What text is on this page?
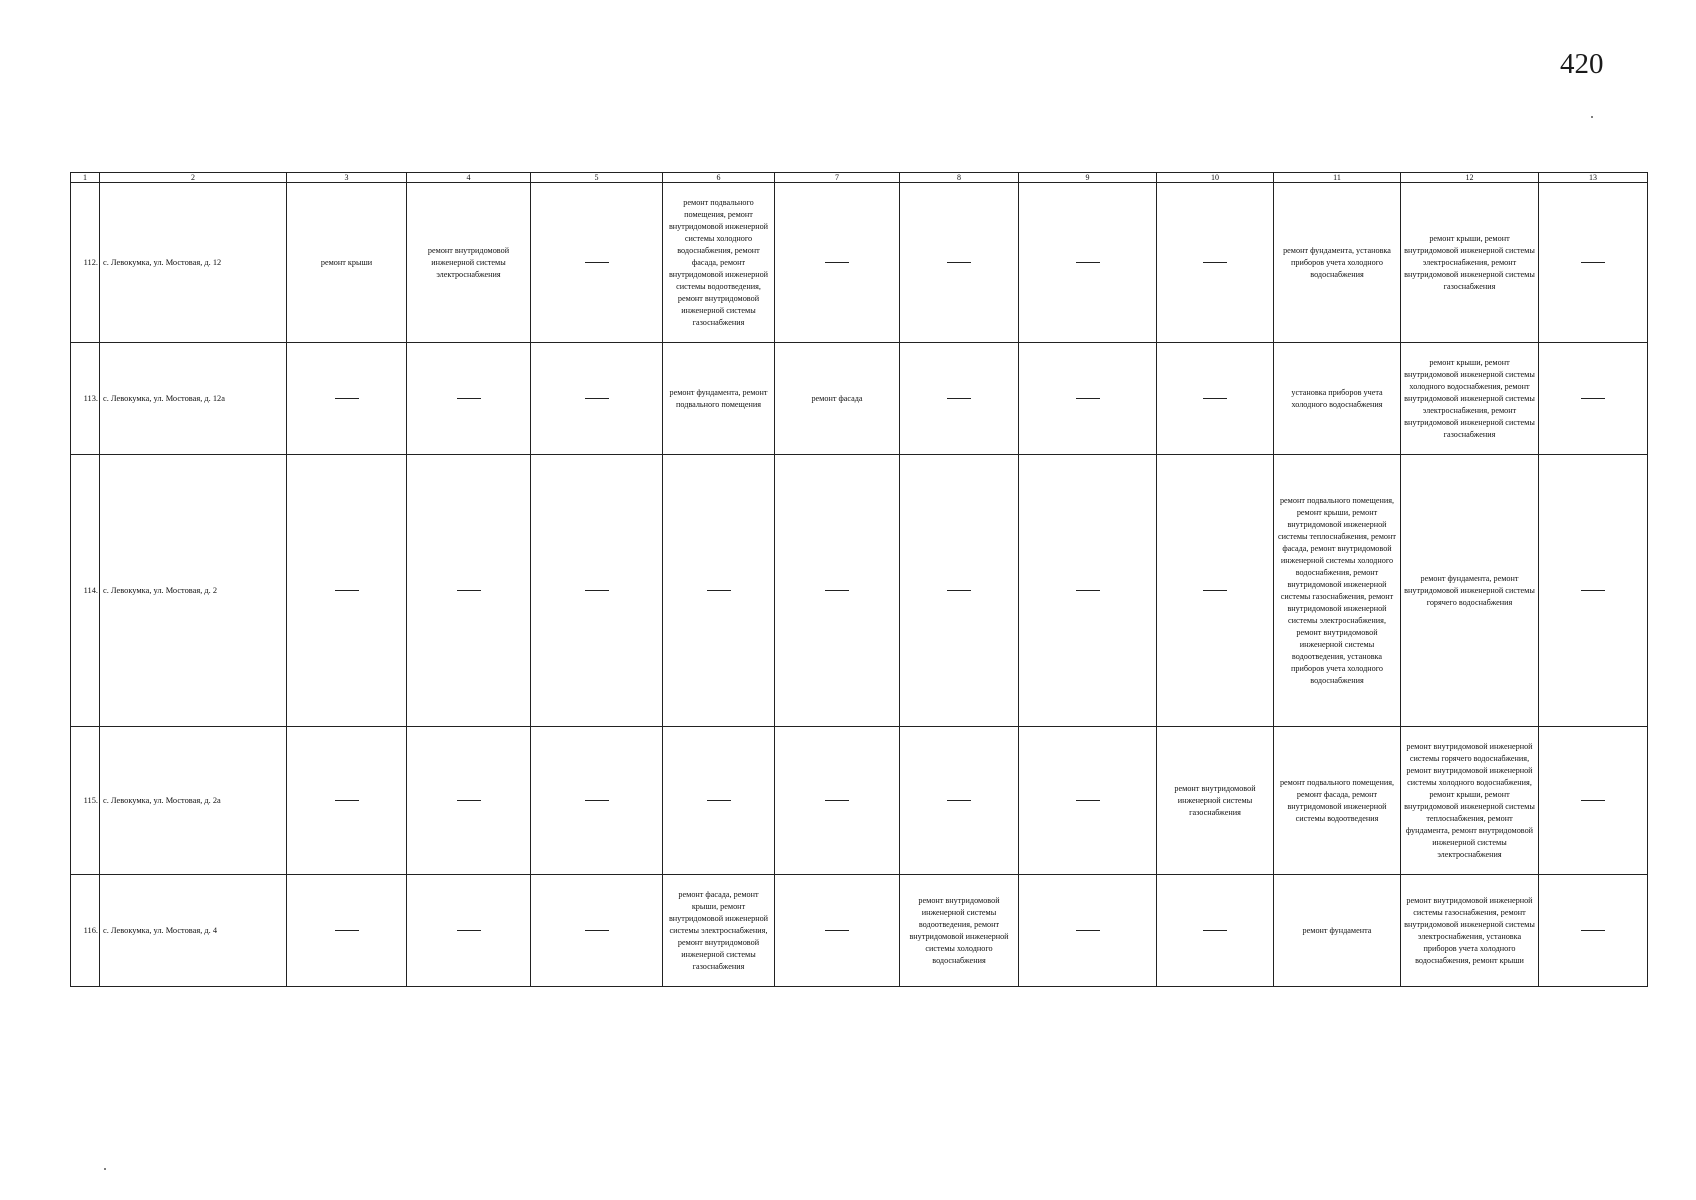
420
1	2	3	4	5	6	7	8	9	10	11	12	13
112.	с. Левокумка, ул. Мостовая, д. 12	ремонт крыши	ремонт внутридомовой инженерной системы электроснабжения		ремонт подвального помещения, ремонт внутридомовой инженерной системы холодного водоснабжения, ремонт фасада, ремонт внутридомовой инженерной системы водоотведения, ремонт внутридомовой инженерной системы газоснабжения					ремонт фундамента, установка приборов учета холодного водоснабжения	ремонт крыши, ремонт внутридомовой инженерной системы электроснабжения, ремонт внутридомовой инженерной системы газоснабжения	
113.	с. Левокумка, ул. Мостовая, д. 12а				ремонт фундамента, ремонт подвального помещения	ремонт фасада				установка приборов учета холодного водоснабжения	ремонт крыши, ремонт внутридомовой инженерной системы холодного водоснабжения, ремонт внутридомовой инженерной системы электроснабжения, ремонт внутридомовой инженерной системы газоснабжения	
114.	с. Левокумка, ул. Мостовая, д. 2									ремонт подвального помещения, ремонт крыши, ремонт внутридомовой инженерной системы теплоснабжения, ремонт фасада, ремонт внутридомовой инженерной системы холодного водоснабжения, ремонт внутридомовой инженерной системы газоснабжения, ремонт внутридомовой инженерной системы электроснабжения, ремонт внутридомовой инженерной системы водоотведения, установка приборов учета холодного водоснабжения	ремонт фундамента, ремонт внутридомовой инженерной системы горячего водоснабжения	
115.	с. Левокумка, ул. Мостовая, д. 2а								ремонт внутридомовой инженерной системы газоснабжения	ремонт подвального помещения, ремонт фасада, ремонт внутридомовой инженерной системы водоотведения	ремонт внутридомовой инженерной системы горячего водоснабжения, ремонт внутридомовой инженерной системы холодного водоснабжения, ремонт крыши, ремонт внутридомовой инженерной системы теплоснабжения, ремонт фундамента, ремонт внутридомовой инженерной системы электроснабжения	
116.	с. Левокумка, ул. Мостовая, д. 4				ремонт фасада, ремонт крыши, ремонт внутридомовой инженерной системы электроснабжения, ремонт внутридомовой инженерной системы газоснабжения		ремонт внутридомовой инженерной системы водоотведения, ремонт внутридомовой инженерной системы холодного водоснабжения			ремонт фундамента	ремонт внутридомовой инженерной системы газоснабжения, ремонт внутридомовой инженерной системы электроснабжения, установка приборов учета холодного водоснабжения, ремонт крыши	
